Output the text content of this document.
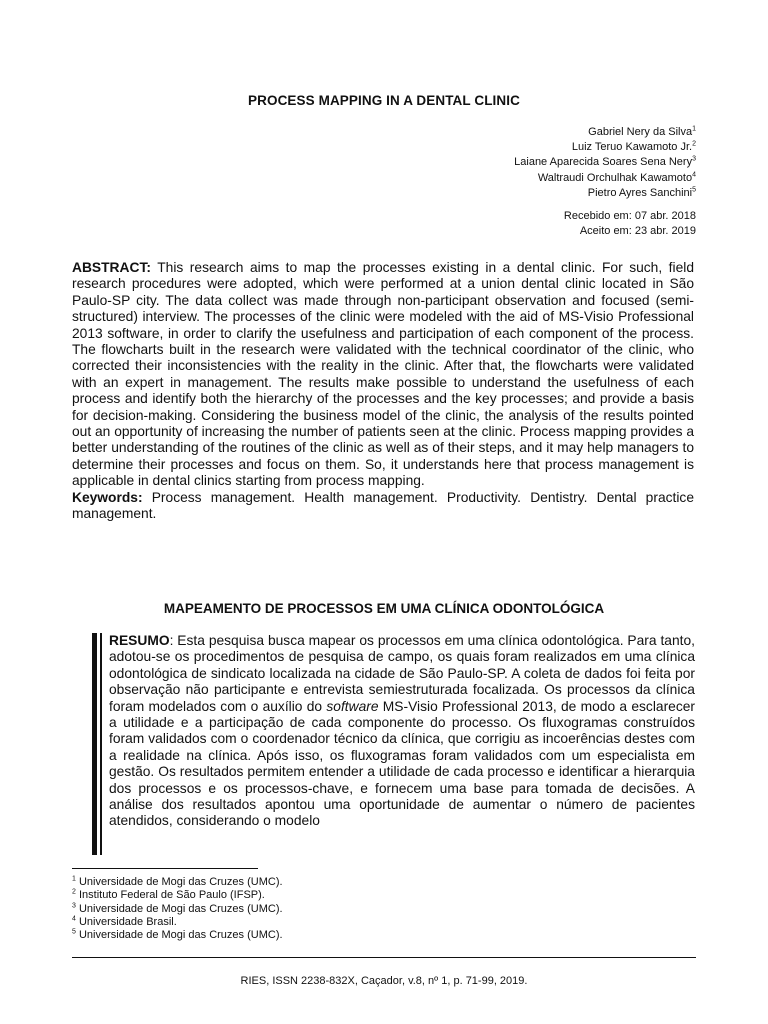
PROCESS MAPPING IN A DENTAL CLINIC
Gabriel Nery da Silva$^1$
Luiz Teruo Kawamoto Jr.$^2$
Laiane Aparecida Soares Sena Nery$^3$
Waltraudi Orchulhak Kawamoto$^4$
Pietro Ayres Sanchini$^5$
Recebido em: 07 abr. 2018
Aceito em: 23 abr. 2019

ABSTRACT: This research aims to map the processes existing in a dental clinic. For such, field research procedures were adopted, which were performed at a union dental clinic located in São Paulo-SP city. The data collect was made through non-participant observation and focused (semi-structured) interview. The processes of the clinic were modeled with the aid of MS-Visio Professional 2013 software, in order to clarify the usefulness and participation of each component of the process. The flowcharts built in the research were validated with the technical coordinator of the clinic, who corrected their inconsistencies with the reality in the clinic. After that, the flowcharts were validated with an expert in management. The results make possible to understand the usefulness of each process and identify both the hierarchy of the processes and the key processes; and provide a basis for decision-making. Considering the business model of the clinic, the analysis of the results pointed out an opportunity of increasing the number of patients seen at the clinic. Process mapping provides a better understanding of the routines of the clinic as well as of their steps, and it may help managers to determine their processes and focus on them. So, it understands here that process management is applicable in dental clinics starting from process mapping.

Keywords: Process management. Health management. Productivity. Dentistry. Dental practice management.

MAPEAMENTO DE PROCESSOS EM UMA CLÍNICA ODONTOLÓGICA
RESUMO: Esta pesquisa busca mapear os processos em uma clínica odontológica. Para tanto, adotou-se os procedimentos de pesquisa de campo, os quais foram realizados em uma clínica odontológica de sindicato localizada na cidade de São Paulo-SP. A coleta de dados foi feita por observação não participante e entrevista semiestruturada focalizada. Os processos da clínica foram modelados com o auxílio do software MS-Visio Professional 2013, de modo a esclarecer a utilidade e a participação de cada componente do processo. Os fluxogramas construídos foram validados com o coordenador técnico da clínica, que corrigiu as incoerências destes com a realidade na clínica. Após isso, os fluxogramas foram validados com um especialista em gestão. Os resultados permitem entender a utilidade de cada processo e identificar a hierarquia dos processos e os processos-chave, e fornecem uma base para tomada de decisões. A análise dos resultados apontou uma oportunidade de aumentar o número de pacientes atendidos, considerando o modelo
$^1$ Universidade de Mogi das Cruzes (UMC).
$^2$ Instituto Federal de São Paulo (IFSP).
$^3$ Universidade de Mogi das Cruzes (UMC).
$^4$ Universidade Brasil.
$^5$ Universidade de Mogi das Cruzes (UMC).
RIES, ISSN 2238-832X, Caçador, v.8, nº 1, p. 71-99, 2019.
